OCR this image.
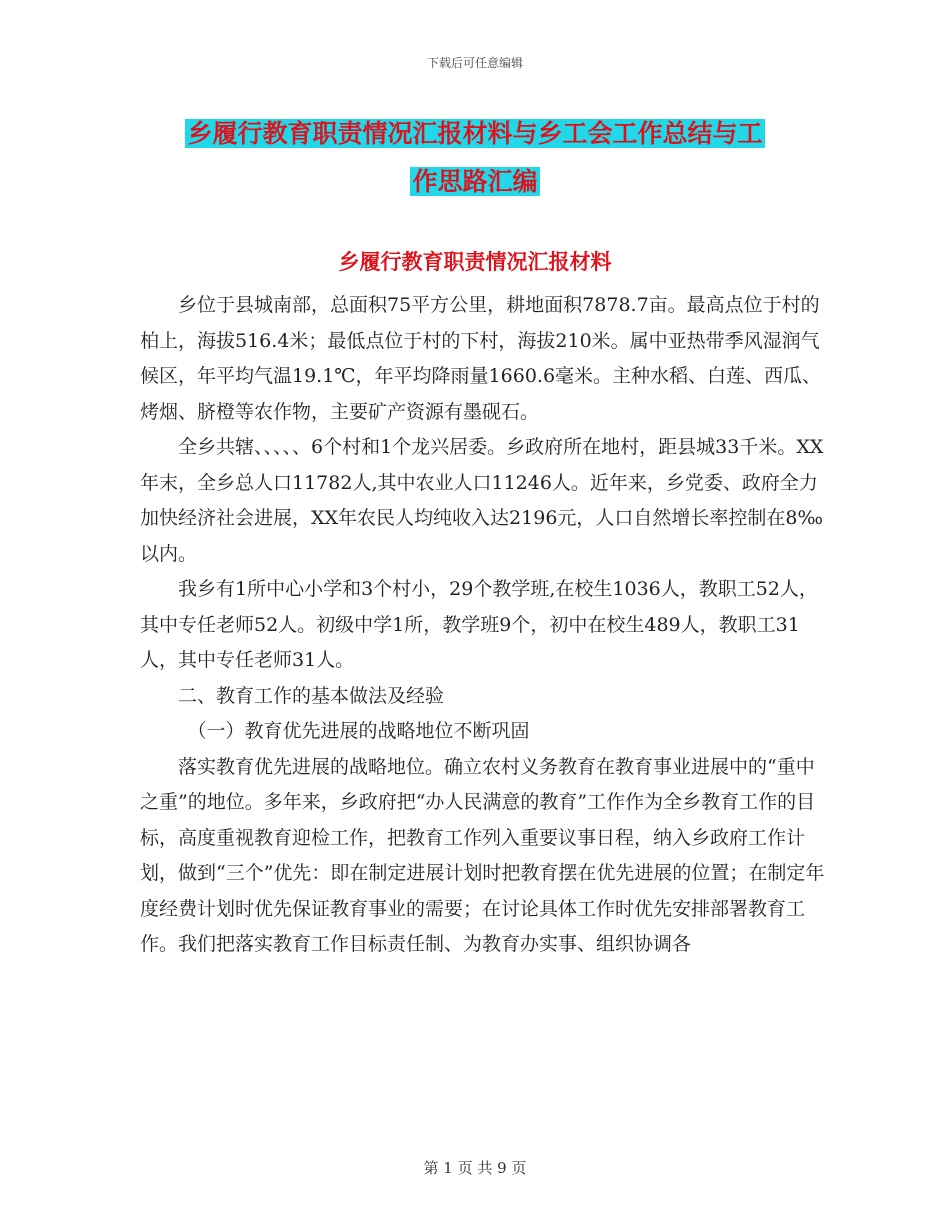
下载后可任意编辑
乡履行教育职责情况汇报材料与乡工会工作总结与工
作思路汇编
乡履行教育职责情况汇报材料

乡位于县城南部，总面积75平方公里，耕地面积7878.7亩。最高点位于村的柏上，海拔516.4米；最低点位于村的下村，海拔210米。属中亚热带季风湿润气候区，年平均气温19.1℃，年平均降雨量1660.6毫米。主种水稻、白莲、西瓜、烤烟、脐橙等农作物，主要矿产资源有墨砚石。

全乡共辖、、、、、6个村和1个龙兴居委。乡政府所在地村，距县城33千米。XX年末，全乡总人口11782人,其中农业人口11246人。近年来，乡党委、政府全力加快经济社会进展，XX年农民人均纯收入达2196元，人口自然增长率控制在8‰以内。

我乡有1所中心小学和3个村小，29个教学班,在校生1036人，教职工52人，其中专任老师52人。初级中学1所，教学班9个，初中在校生489人，教职工31人，其中专任老师31人。

二、教育工作的基本做法及经验

（一）教育优先进展的战略地位不断巩固

落实教育优先进展的战略地位。确立农村义务教育在教育事业进展中的“重中之重”的地位。多年来，乡政府把“办人民满意的教育”工作作为全乡教育工作的目标，高度重视教育迎检工作，把教育工作列入重要议事日程，纳入乡政府工作计划，做到“三个”优先：即在制定进展计划时把教育摆在优先进展的位置；在制定年度经费计划时优先保证教育事业的需要；在讨论具体工作时优先安排部署教育工作。我们把落实教育工作目标责任制、为教育办实事、组织协调各

第 1 页 共 9 页
